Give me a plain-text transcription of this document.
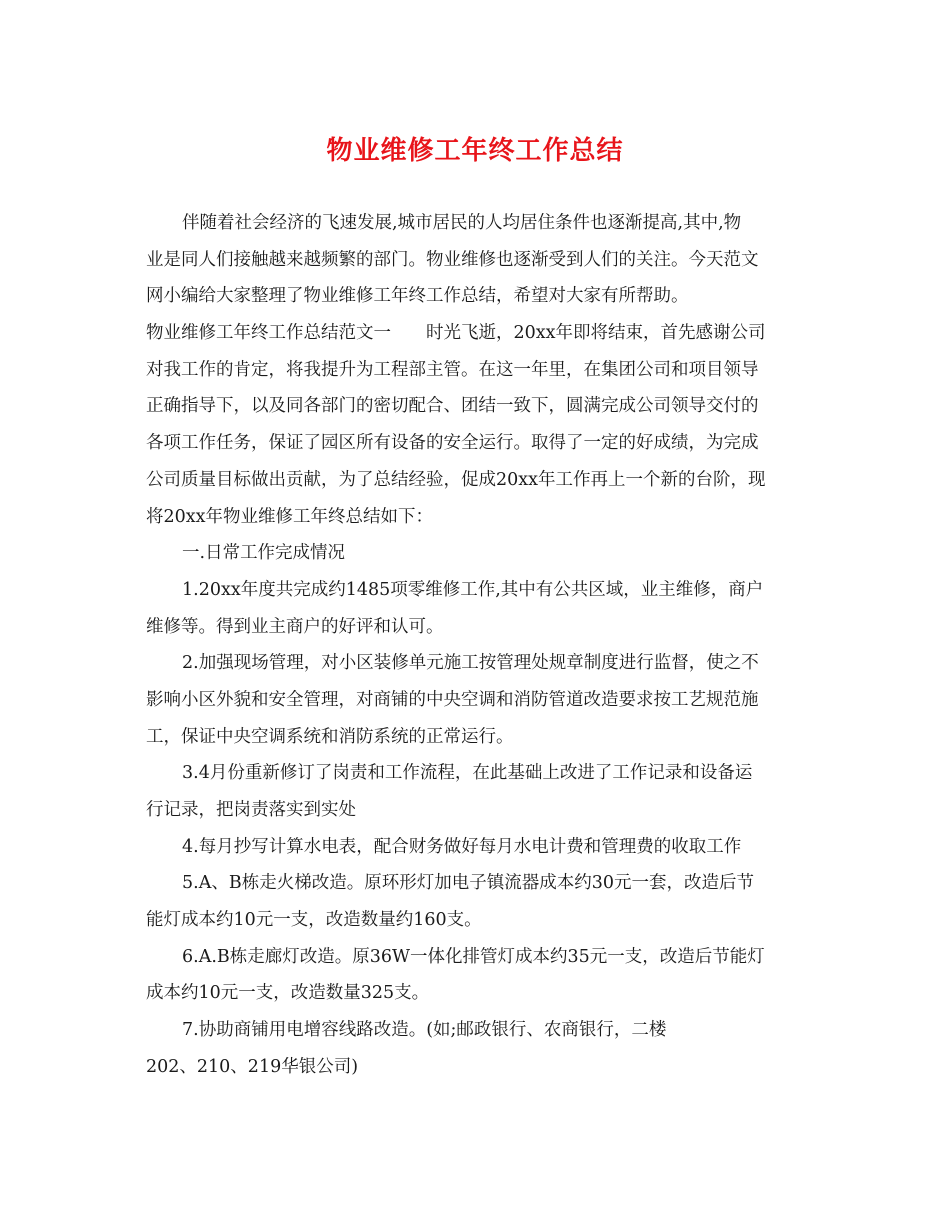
物业维修工年终工作总结
伴随着社会经济的飞速发展,城市居民的人均居住条件也逐渐提高,其中,物
业是同人们接触越来越频繁的部门。物业维修也逐渐受到人们的关注。今天范文
网小编给大家整理了物业维修工年终工作总结，希望对大家有所帮助。
物业维修工年终工作总结范文一　　时光飞逝，20xx年即将结束，首先感谢公司
对我工作的肯定，将我提升为工程部主管。在这一年里，在集团公司和项目领导
正确指导下，以及同各部门的密切配合、团结一致下，圆满完成公司领导交付的
各项工作任务，保证了园区所有设备的安全运行。取得了一定的好成绩，为完成
公司质量目标做出贡献，为了总结经验，促成20xx年工作再上一个新的台阶，现
将20xx年物业维修工年终总结如下：
一.日常工作完成情况
1.20xx年度共完成约1485项零维修工作,其中有公共区域，业主维修，商户
维修等。得到业主商户的好评和认可。
2.加强现场管理，对小区装修单元施工按管理处规章制度进行监督，使之不
影响小区外貌和安全管理，对商铺的中央空调和消防管道改造要求按工艺规范施
工，保证中央空调系统和消防系统的正常运行。
3.4月份重新修订了岗责和工作流程，在此基础上改进了工作记录和设备运
行记录，把岗责落实到实处
4.每月抄写计算水电表，配合财务做好每月水电计费和管理费的收取工作
5.A、B栋走火梯改造。原环形灯加电子镇流器成本约30元一套，改造后节
能灯成本约10元一支，改造数量约160支。
6.A.B栋走廊灯改造。原36W一体化排管灯成本约35元一支，改造后节能灯
成本约10元一支，改造数量325支。
7.协助商铺用电增容线路改造。(如;邮政银行、农商银行，二楼
202、210、219华银公司)
